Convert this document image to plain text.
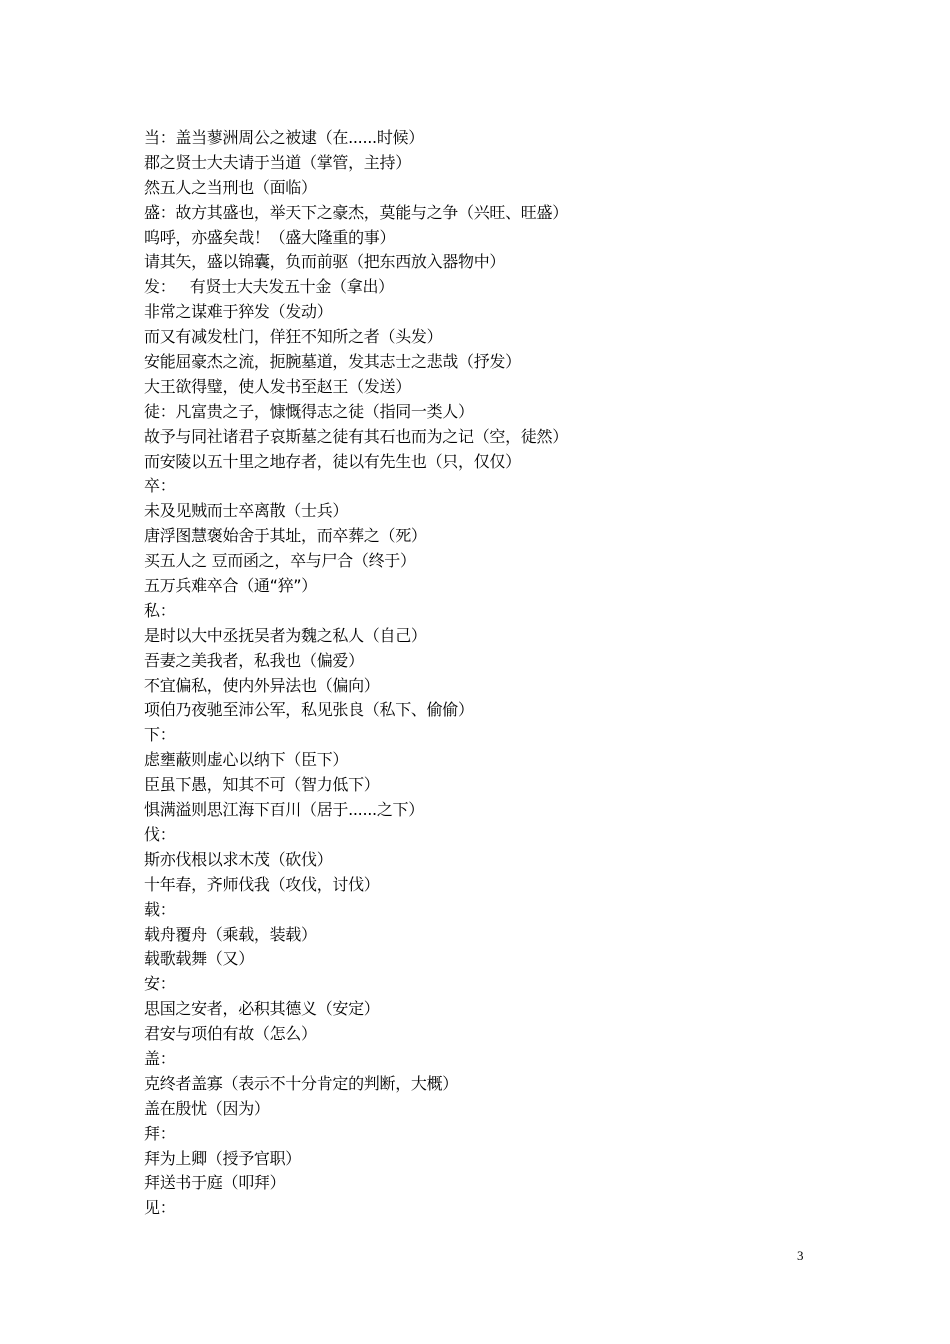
当：盖当蓼洲周公之被逮（在......时候）
郡之贤士大夫请于当道（掌管，主持）
然五人之当刑也（面临）
盛：故方其盛也，举天下之豪杰，莫能与之争（兴旺、旺盛）
呜呼，亦盛矣哉！（盛大隆重的事）
请其矢，盛以锦囊，负而前驱（把东西放入器物中）
发：   有贤士大夫发五十金（拿出）
非常之谋难于猝发（发动）
而又有减发杜门，佯狂不知所之者（头发）
安能屈豪杰之流，扼腕墓道，发其志士之悲哉（抒发）
大王欲得璧，使人发书至赵王（发送）
徒：凡富贵之子，慷慨得志之徒（指同一类人）
故予与同社诸君子哀斯墓之徒有其石也而为之记（空，徒然）
而安陵以五十里之地存者，徒以有先生也（只，仅仅）
卒：
未及见贼而士卒离散（士兵）
唐浮图慧褒始舍于其址，而卒葬之（死）
买五人之 豆而函之，卒与尸合（终于）
五万兵难卒合（通“猝”）
私：
是时以大中丞抚吴者为魏之私人（自己）
吾妻之美我者，私我也（偏爱）
不宜偏私，使内外异法也（偏向）
项伯乃夜驰至沛公军，私见张良（私下、偷偷）
下：
虑壅蔽则虚心以纳下（臣下）
臣虽下愚，知其不可（智力低下）
惧满溢则思江海下百川（居于......之下）
伐：
斯亦伐根以求木茂（砍伐）
十年春，齐师伐我（攻伐，讨伐）
载：
载舟覆舟（乘载，装载）
载歌载舞（又）
安：
思国之安者，必积其德义（安定）
君安与项伯有故（怎么）
盖：
克终者盖寡（表示不十分肯定的判断，大概）
盖在殷忧（因为）
拜：
拜为上卿（授予官职）
拜送书于庭（叩拜）
见：
3
